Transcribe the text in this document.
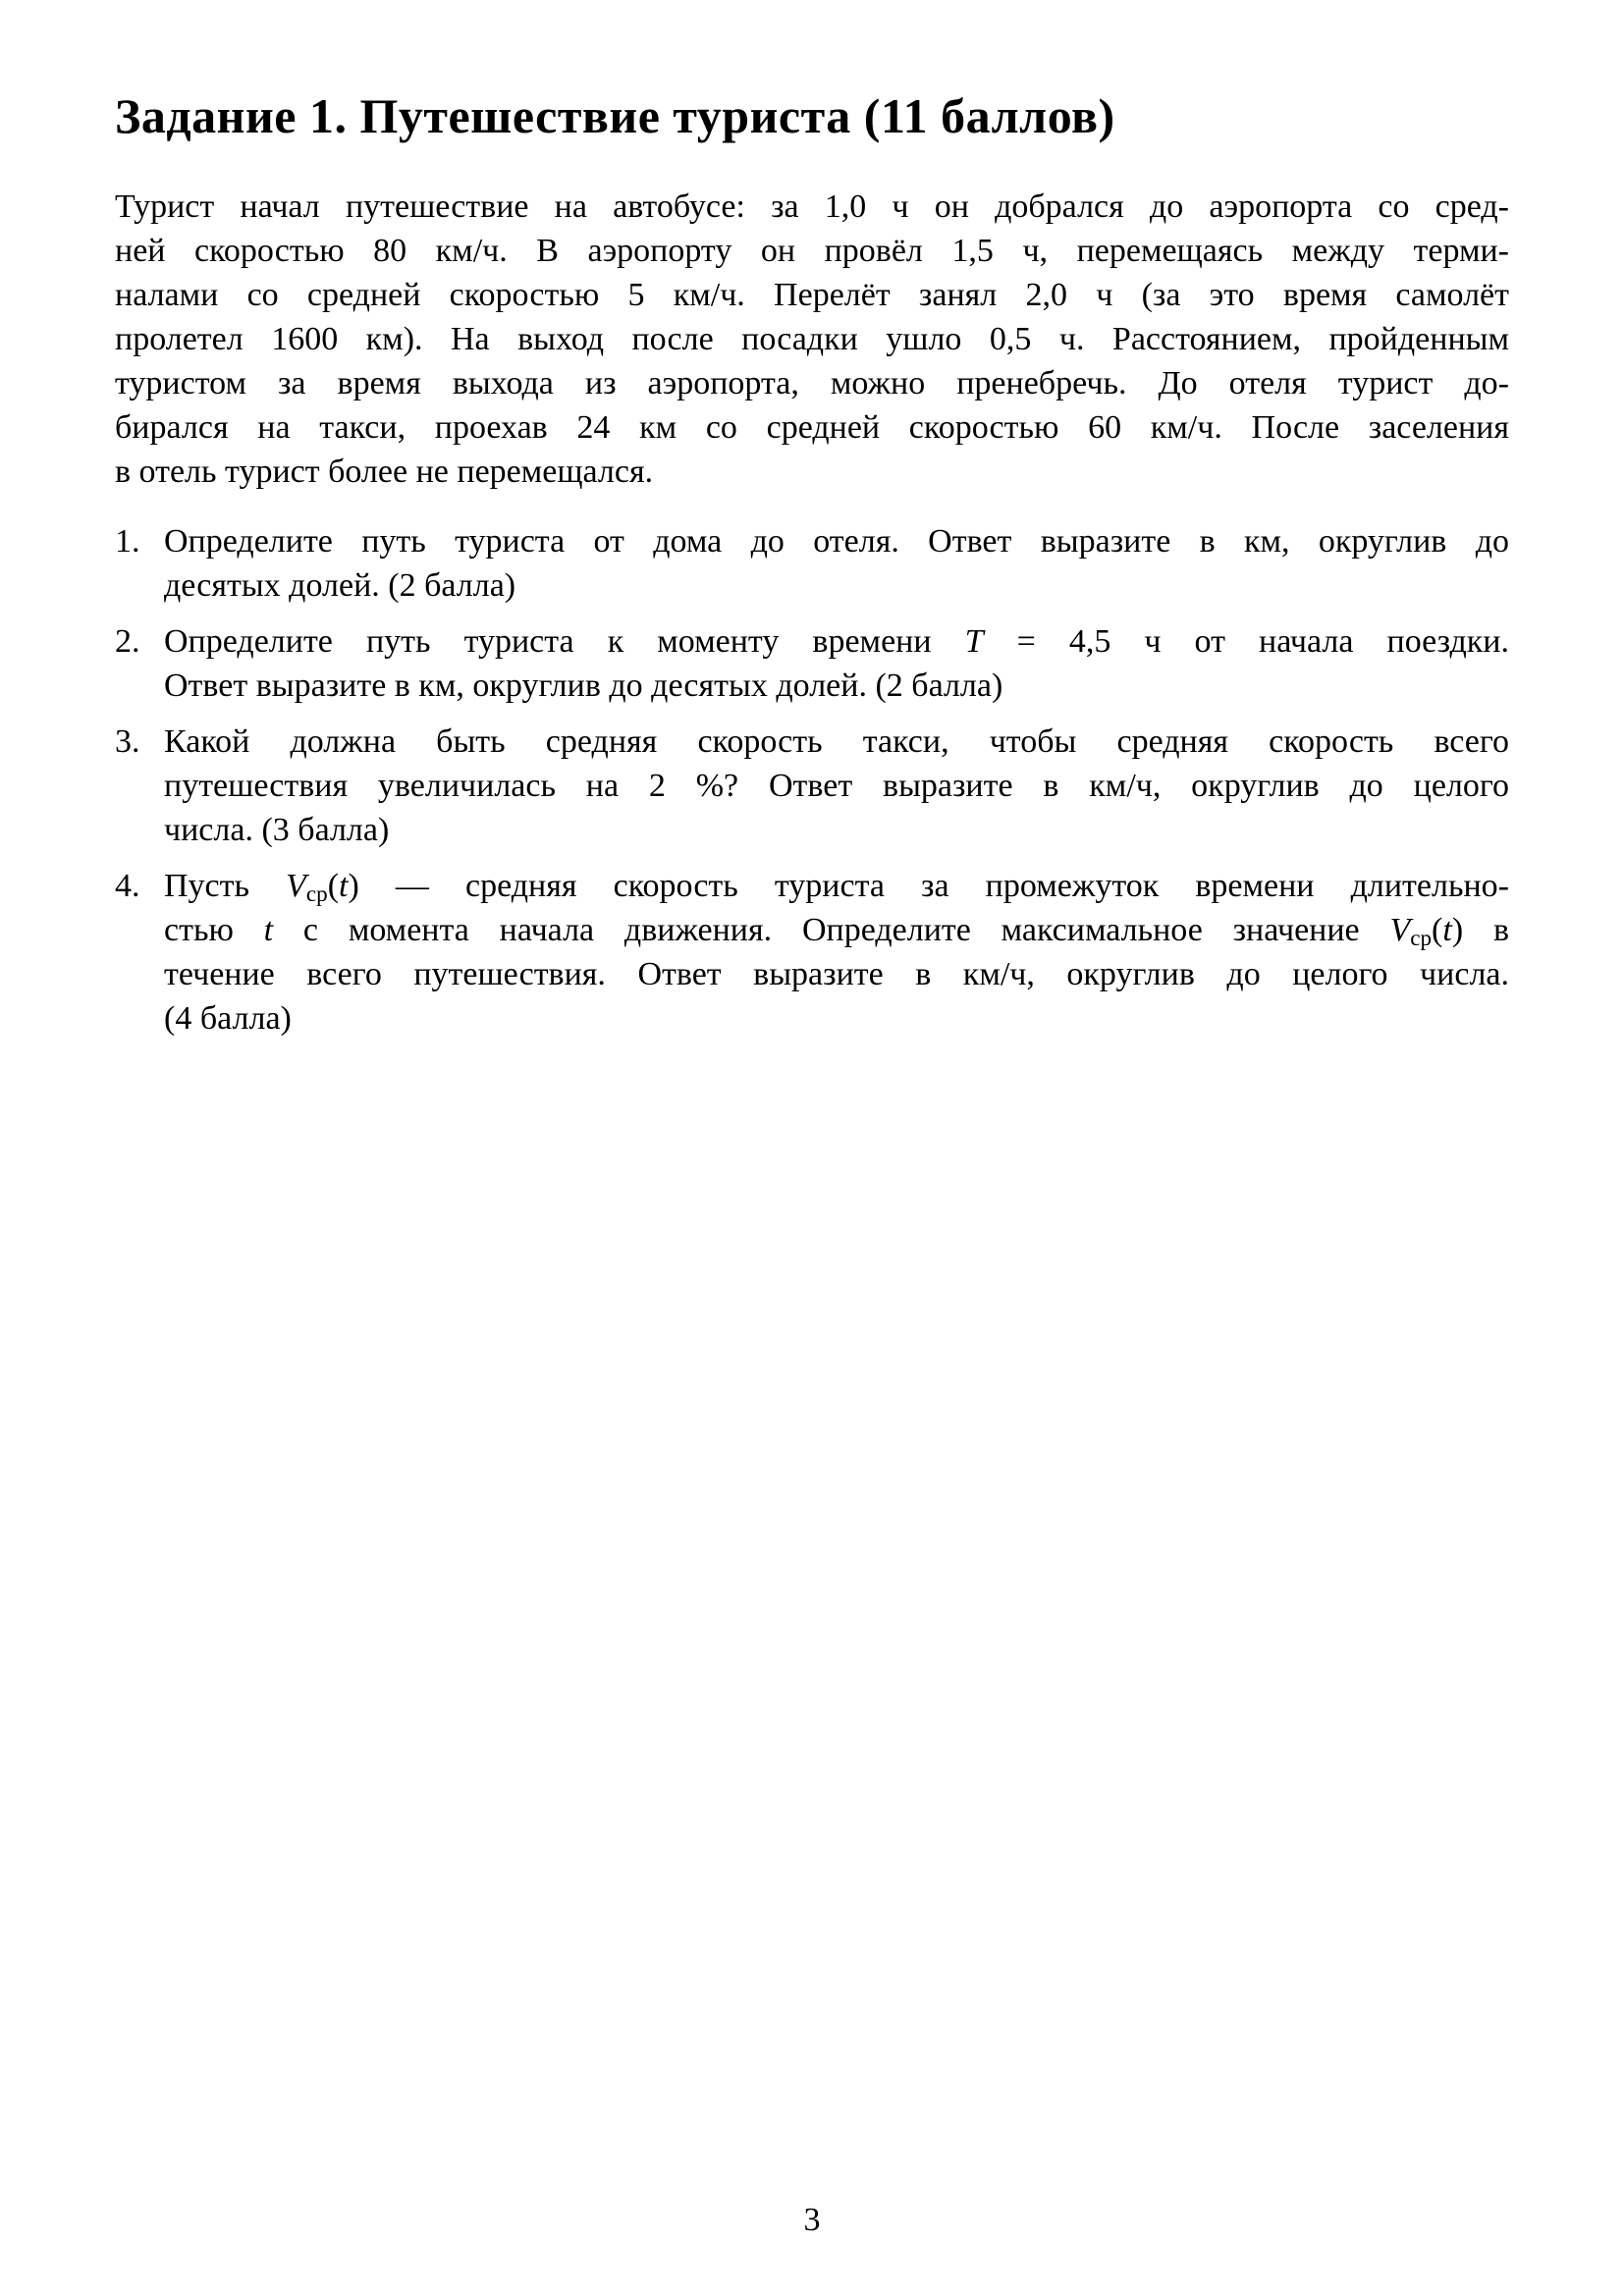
Задание 1. Путешествие туриста (11 баллов)
Турист начал путешествие на автобусе: за 1,0 ч он добрался до аэропорта со сред-
ней скоростью 80 км/ч. В аэропорту он провёл 1,5 ч, перемещаясь между терми-
налами со средней скоростью 5 км/ч. Перелёт занял 2,0 ч (за это время самолёт
пролетел 1600 км). На выход после посадки ушло 0,5 ч. Расстоянием, пройденным
туристом за время выхода из аэропорта, можно пренебречь. До отеля турист до-
бирался на такси, проехав 24 км со средней скоростью 60 км/ч. После заселения
в отель турист более не перемещался.
1. Определите путь туриста от дома до отеля. Ответ выразите в км, округлив до
десятых долей. (2 балла)
2. Определите путь туриста к моменту времени T = 4,5 ч от начала поездки.
Ответ выразите в км, округлив до десятых долей. (2 балла)
3. Какой должна быть средняя скорость такси, чтобы средняя скорость всего
путешествия увеличилась на 2 %? Ответ выразите в км/ч, округлив до целого
числа. (3 балла)
4. Пусть $V_{ср}(t)$ — средняя скорость туриста за промежуток времени длительно-
стью t с момента начала движения. Определите максимальное значение $V_{ср}(t)$ в
течение всего путешествия. Ответ выразите в км/ч, округлив до целого числа.
(4 балла)
3
